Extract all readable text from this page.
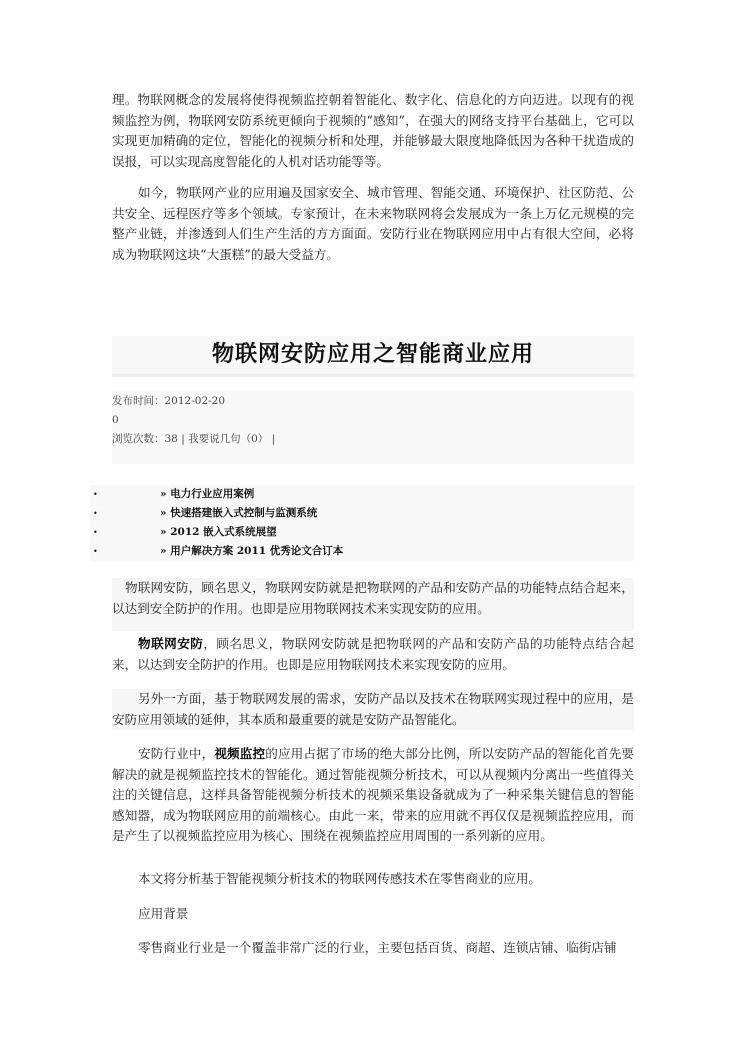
理。物联网概念的发展将使得视频监控朝着智能化、数字化、信息化的方向迈进。以现有的视频监控为例，物联网安防系统更倾向于视频的“感知”，在强大的网络支持平台基础上，它可以实现更加精确的定位，智能化的视频分析和处理，并能够最大限度地降低因为各种干扰造成的误报，可以实现高度智能化的人机对话功能等等。
如今，物联网产业的应用遍及国家安全、城市管理、智能交通、环境保护、社区防范、公共安全、远程医疗等多个领域。专家预计，在未来物联网将会发展成为一条上万亿元规模的完整产业链，并渗透到人们生产生活的方方面面。安防行业在物联网应用中占有很大空间，必将成为物联网这块“大蛋糕”的最大受益方。
物联网安防应用之智能商业应用
发布时间：2012-02-20
0
浏览次数：38 | 我要说几句（0） |
•	» 电力行业应用案例
•	» 快速搭建嵌入式控制与监测系统
•	» 2012 嵌入式系统展望
•	» 用户解决方案 2011 优秀论文合订本
物联网安防，顾名思义，物联网安防就是把物联网的产品和安防产品的功能特点结合起来，以达到安全防护的作用。也即是应用物联网技术来实现安防的应用。
物联网安防，顾名思义，物联网安防就是把物联网的产品和安防产品的功能特点结合起来，以达到安全防护的作用。也即是应用物联网技术来实现安防的应用。
另外一方面，基于物联网发展的需求，安防产品以及技术在物联网实现过程中的应用，是安防应用领域的延伸，其本质和最重要的就是安防产品智能化。
安防行业中，视频监控的应用占据了市场的绝大部分比例，所以安防产品的智能化首先要解决的就是视频监控技术的智能化。通过智能视频分析技术，可以从视频内分离出一些值得关注的关键信息，这样具备智能视频分析技术的视频采集设备就成为了一种采集关键信息的智能感知器，成为物联网应用的前端核心。由此一来，带来的应用就不再仅仅是视频监控应用，而是产生了以视频监控应用为核心、围绕在视频监控应用周围的一系列新的应用。
本文将分析基于智能视频分析技术的物联网传感技术在零售商业的应用。
应用背景
零售商业行业是一个覆盖非常广泛的行业，主要包括百货、商超、连锁店铺、临街店铺
